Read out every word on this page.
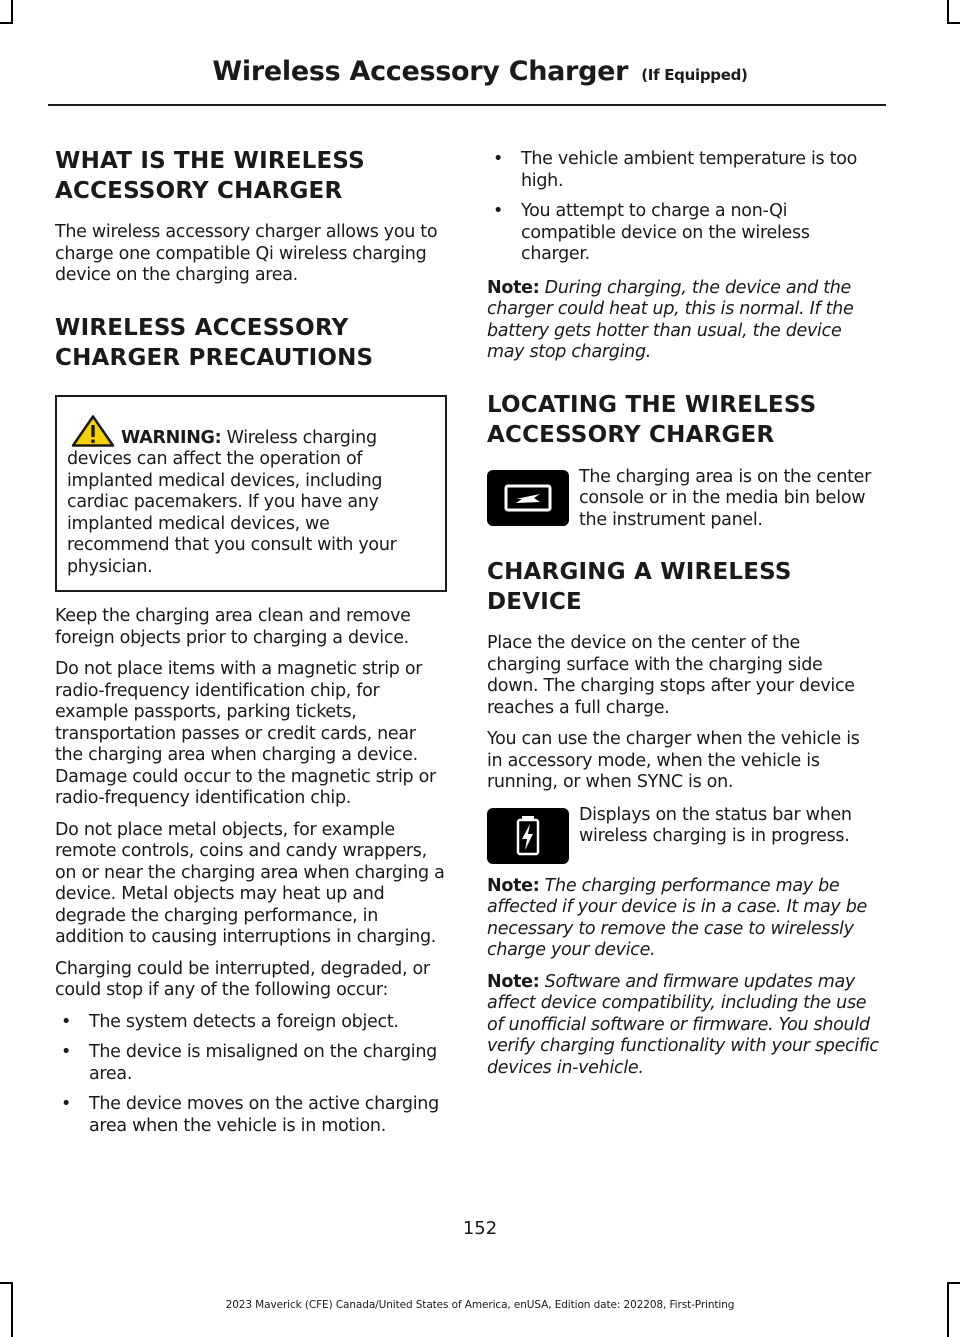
Wireless Accessory Charger (If Equipped)
WHAT IS THE WIRELESS
ACCESSORY CHARGER

The wireless accessory charger allows you to charge one compatible Qi wireless charging device on the charging area.

WIRELESS ACCESSORY
CHARGER PRECAUTIONS
WARNING: Wireless charging devices can affect the operation of implanted medical devices, including cardiac pacemakers. If you have any implanted medical devices, we recommend that you consult with your physician.

Keep the charging area clean and remove foreign objects prior to charging a device.

Do not place items with a magnetic strip or radio-frequency identification chip, for example passports, parking tickets, transportation passes or credit cards, near the charging area when charging a device. Damage could occur to the magnetic strip or radio-frequency identification chip.

Do not place metal objects, for example remote controls, coins and candy wrappers, on or near the charging area when charging a device. Metal objects may heat up and degrade the charging performance, in addition to causing interruptions in charging.

Charging could be interrupted, degraded, or could stop if any of the following occur:

• The system detects a foreign object.
• The device is misaligned on the charging area.
• The device moves on the active charging area when the vehicle is in motion.
• The vehicle ambient temperature is too high.
• You attempt to charge a non-Qi compatible device on the wireless charger.

Note: During charging, the device and the charger could heat up, this is normal. If the battery gets hotter than usual, the device may stop charging.

LOCATING THE WIRELESS
ACCESSORY CHARGER

The charging area is on the center console or in the media bin below the instrument panel.

CHARGING A WIRELESS
DEVICE

Place the device on the center of the charging surface with the charging side down. The charging stops after your device reaches a full charge.

You can use the charger when the vehicle is in accessory mode, when the vehicle is running, or when SYNC is on.

Displays on the status bar when wireless charging is in progress.

Note: The charging performance may be affected if your device is in a case. It may be necessary to remove the case to wirelessly charge your device.

Note: Software and firmware updates may affect device compatibility, including the use of unofficial software or firmware. You should verify charging functionality with your specific devices in-vehicle.

152
2023 Maverick (CFE) Canada/United States of America, enUSA, Edition date: 202208, First-Printing
